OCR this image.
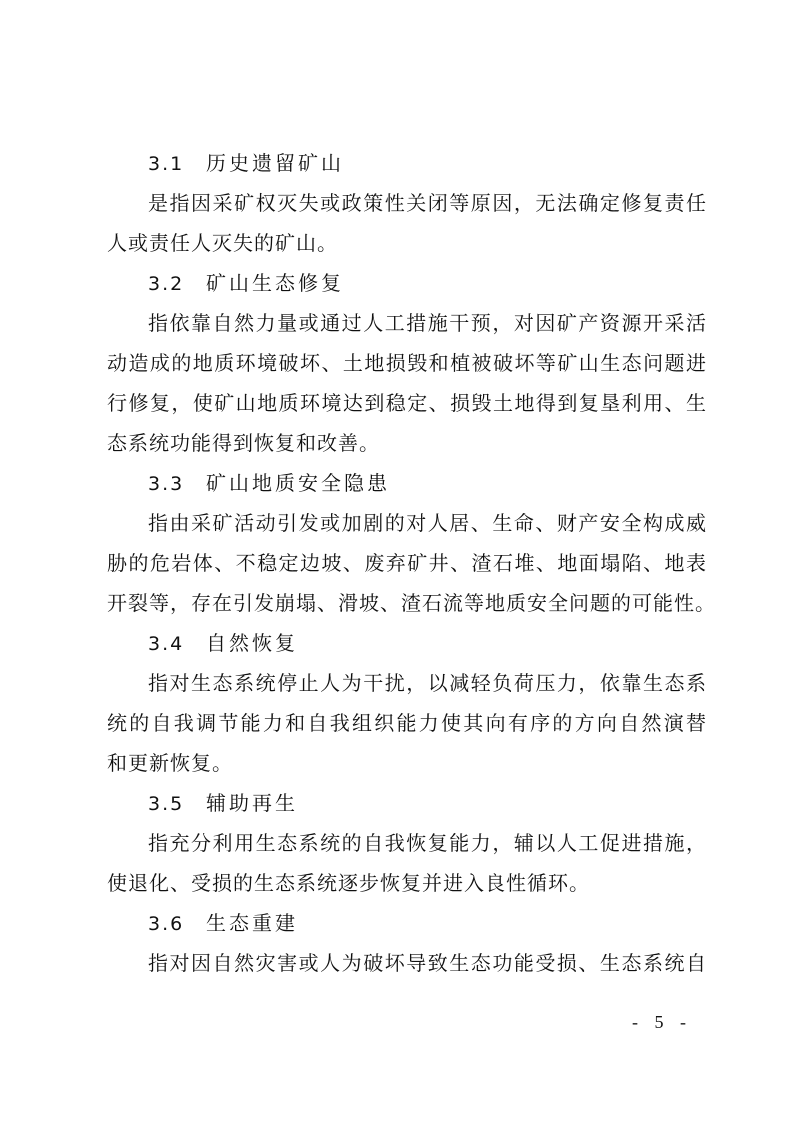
3.1 历史遗留矿山
是指因采矿权灭失或政策性关闭等原因，无法确定修复责任
人或责任人灭失的矿山。
3.2 矿山生态修复
指依靠自然力量或通过人工措施干预，对因矿产资源开采活
动造成的地质环境破坏、土地损毁和植被破坏等矿山生态问题进
行修复，使矿山地质环境达到稳定、损毁土地得到复垦利用、生
态系统功能得到恢复和改善。
3.3 矿山地质安全隐患
指由采矿活动引发或加剧的对人居、生命、财产安全构成威
胁的危岩体、不稳定边坡、废弃矿井、渣石堆、地面塌陷、地表
开裂等，存在引发崩塌、滑坡、渣石流等地质安全问题的可能性。
3.4 自然恢复
指对生态系统停止人为干扰，以减轻负荷压力，依靠生态系
统的自我调节能力和自我组织能力使其向有序的方向自然演替
和更新恢复。
3.5 辅助再生
指充分利用生态系统的自我恢复能力，辅以人工促进措施，
使退化、受损的生态系统逐步恢复并进入良性循环。
3.6 生态重建
指对因自然灾害或人为破坏导致生态功能受损、生态系统自
- 5 -
